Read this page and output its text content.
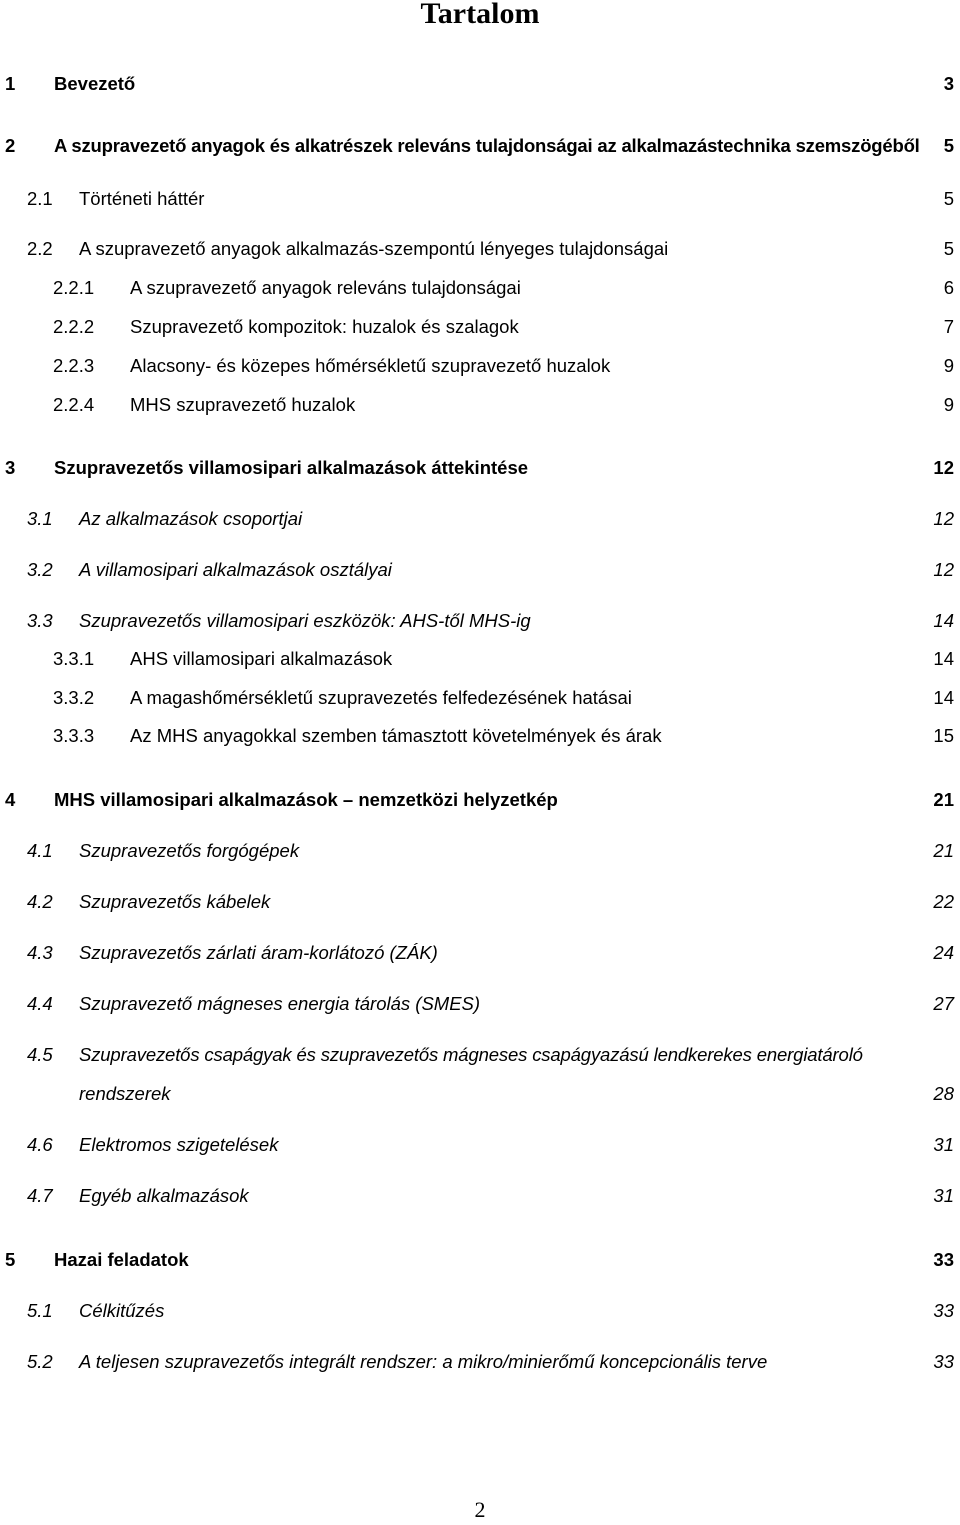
Tartalom
1 Bevezető	3
2 A szupravezető anyagok és alkatrészek releváns tulajdonságai az alkalmazástechnika szemszögéből 5
2.1 Történeti háttér	5
2.2 A szupravezető anyagok alkalmazás-szempontú lényeges tulajdonságai	5
2.2.1 A szupravezető anyagok releváns tulajdonságai	6
2.2.2 Szupravezető kompozitok: huzalok és szalagok	7
2.2.3 Alacsony- és közepes hőmérsékletű szupravezető huzalok	9
2.2.4 MHS szupravezető huzalok	9
3 Szupravezetős villamosipari alkalmazások áttekintése	12
3.1 Az alkalmazások csoportjai	12
3.2 A villamosipari alkalmazások osztályai	12
3.3 Szupravezetős villamosipari eszközök: AHS-től MHS-ig	14
3.3.1 AHS villamosipari alkalmazások	14
3.3.2 A magashőmérsékletű szupravezetés felfedezésének hatásai	14
3.3.3 Az MHS anyagokkal szemben támasztott követelmények és árak	15
4 MHS villamosipari alkalmazások – nemzetközi helyzetkép	21
4.1 Szupravezetős forgógépek	21
4.2 Szupravezetős kábelek	22
4.3 Szupravezetős zárlati áram-korlátozó (ZÁK)	24
4.4 Szupravezető mágneses energia tárolás (SMES)	27
4.5 Szupravezetős csapágyak és szupravezetős mágneses csapágyazású lendkerekes energiatároló
rendszerek	28
4.6 Elektromos szigetelések	31
4.7 Egyéb alkalmazások	31
5 Hazai feladatok	33
5.1 Célkitűzés	33
5.2 A teljesen szupravezetős integrált rendszer: a mikro/minierőmű koncepcionális terve	33
2
